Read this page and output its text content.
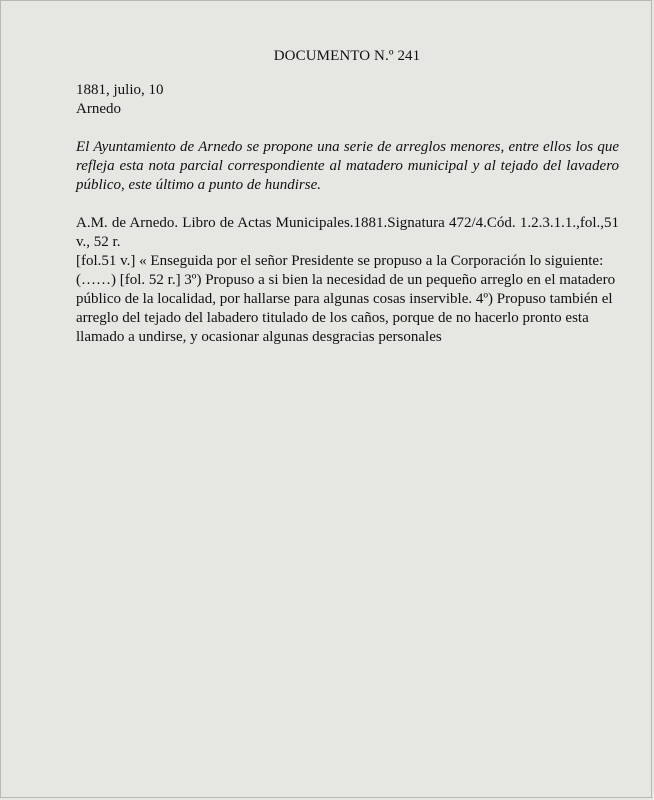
DOCUMENTO N.º 241

1881, julio, 10

Arnedo

El Ayuntamiento de Arnedo se propone una serie de arreglos menores, entre ellos los que refleja esta nota parcial correspondiente al matadero municipal y al tejado del lavadero público, este último a punto de hundirse.

A.M. de Arnedo. Libro de Actas Municipales.1881.Signatura 472/4.Cód. 1.2.3.1.1.,fol.,51 v., 52 r.

[fol.51 v.] « Enseguida por el señor Presidente se propuso a la Corporación lo siguiente: (……) [fol. 52 r.] 3º) Propuso a si bien la necesidad de un pequeño arreglo en el matadero público de la localidad, por hallarse para algunas cosas inservible. 4º) Propuso también el arreglo del tejado del labadero titulado de los caños, porque de no hacerlo pronto esta llamado a undirse, y ocasionar algunas desgracias personales
